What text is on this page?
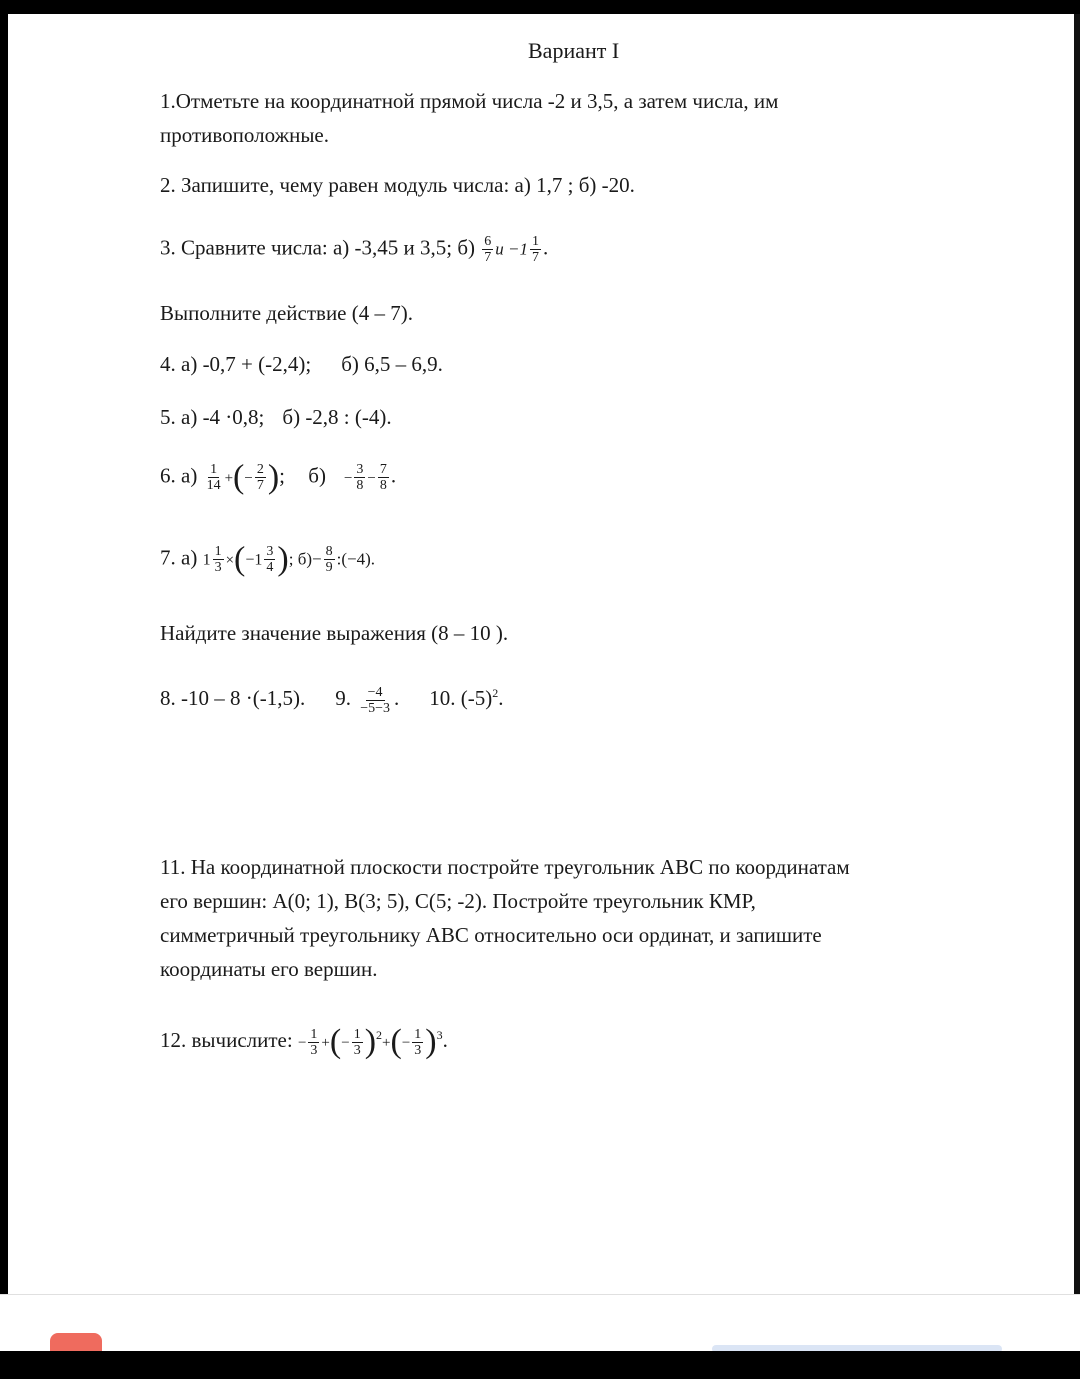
Вариант I
1.Отметьте на координатной прямой числа -2 и 3,5, а затем числа, им
противоположные.
2. Запишите, чему равен модуль числа: а) 1,7 ; б) -20.
3. Сравните числа: а) -3,45 и 3,5; $б) \frac{6}{7}$ $и -1 \frac{1}{7}$ .
Выполните действие (4 – 7).
4. а) -0,7 + (-2,4); б) 6,5 – 6,9.
5. а) -4 ·0,8; б) -2,8 : (-4).
6. $а) \frac{1}{14}$ +(− $\frac{2}{7}$ ); $б) - \frac{3}{8} - \frac{7}{8}$ .
7. а) $1 \frac{1}{3} \times(-1 \frac{3}{4}$ ); $б)- \frac{8}{9}$ :(−4).
Найдите значение выражения (8 – 10 ).
8. -10 – 8 ·(-1,5). 9. $\frac{-4}{-5-3}$ . 10. $(-5)^2$.
11. На координатной плоскости постройте треугольник АВС по координатам
его вершин: А(0; 1), В(3; 5), С(5; -2). Постройте треугольник КМР,
симметричный треугольнику АВС относительно оси ординат, и запишите
координаты его вершин.
12. вычислите: − $\frac{1}{3}$ +(− $\frac{1}{3} )^2+(- \frac{1}{3} )^3$.
